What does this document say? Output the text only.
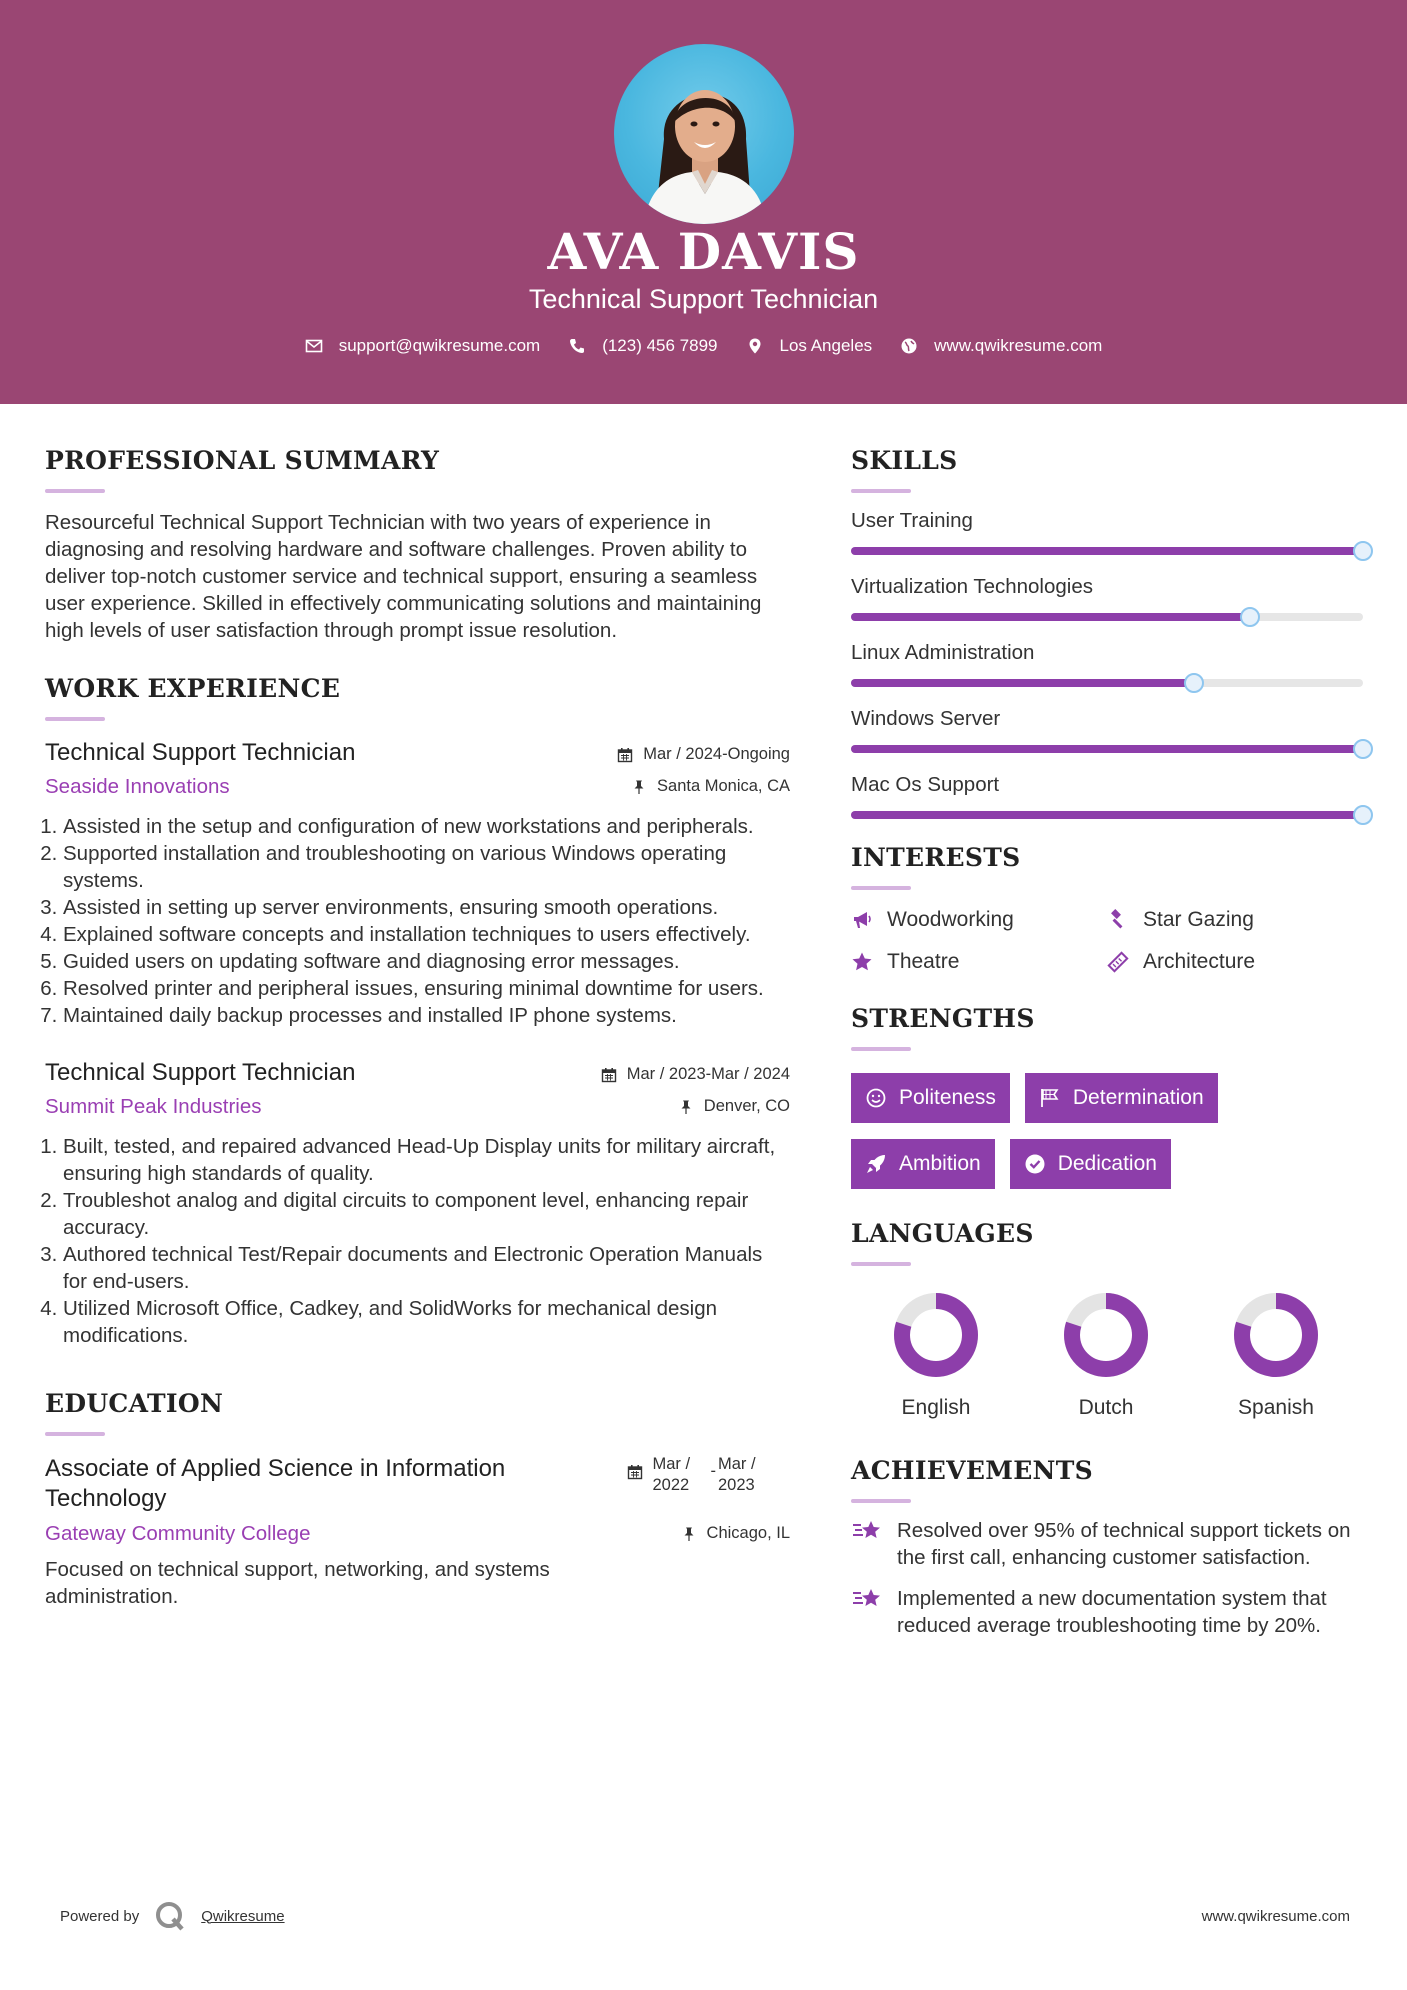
AVA DAVIS
Technical Support Technician
support@qwikresume.com	(123) 456 7899	Los Angeles	www.qwikresume.com
PROFESSIONAL SUMMARY

Resourceful Technical Support Technician with two years of experience in diagnosing and resolving hardware and software challenges. Proven ability to deliver top-notch customer service and technical support, ensuring a seamless user experience. Skilled in effectively communicating solutions and maintaining high levels of user satisfaction through prompt issue resolution.

WORK EXPERIENCE
Technical Support Technician	Mar / 2024-Ongoing
Seaside Innovations	Santa Monica, CA
1. Assisted in the setup and configuration of new workstations and peripherals.
2. Supported installation and troubleshooting on various Windows operating systems.
3. Assisted in setting up server environments, ensuring smooth operations.
4. Explained software concepts and installation techniques to users effectively.
5. Guided users on updating software and diagnosing error messages.
6. Resolved printer and peripheral issues, ensuring minimal downtime for users.
7. Maintained daily backup processes and installed IP phone systems.
Technical Support Technician	Mar / 2023-Mar / 2024
Summit Peak Industries	Denver, CO
1. Built, tested, and repaired advanced Head-Up Display units for military aircraft, ensuring high standards of quality.
2. Troubleshot analog and digital circuits to component level, enhancing repair accuracy.
3. Authored technical Test/Repair documents and Electronic Operation Manuals for end-users.
4. Utilized Microsoft Office, Cadkey, and SolidWorks for mechanical design modifications.
EDUCATION
Associate of Applied Science in Information Technology
Mar / 2022
- Mar / 2023
Gateway Community College	Chicago, IL

Focused on technical support, networking, and systems administration.

SKILLS
User Training
Virtualization Technologies
Linux Administration
Windows Server
Mac Os Support
INTERESTS
Woodworking	Star Gazing
Theatre	Architecture
STRENGTHS
Politeness	Determination
Ambition	Dedication
LANGUAGES
English	Dutch	Spanish
ACHIEVEMENTS
Resolved over 95% of technical support tickets on the first call, enhancing customer satisfaction.
Implemented a new documentation system that reduced average troubleshooting time by 20%.
Powered by	Qwikresume	www.qwikresume.com
